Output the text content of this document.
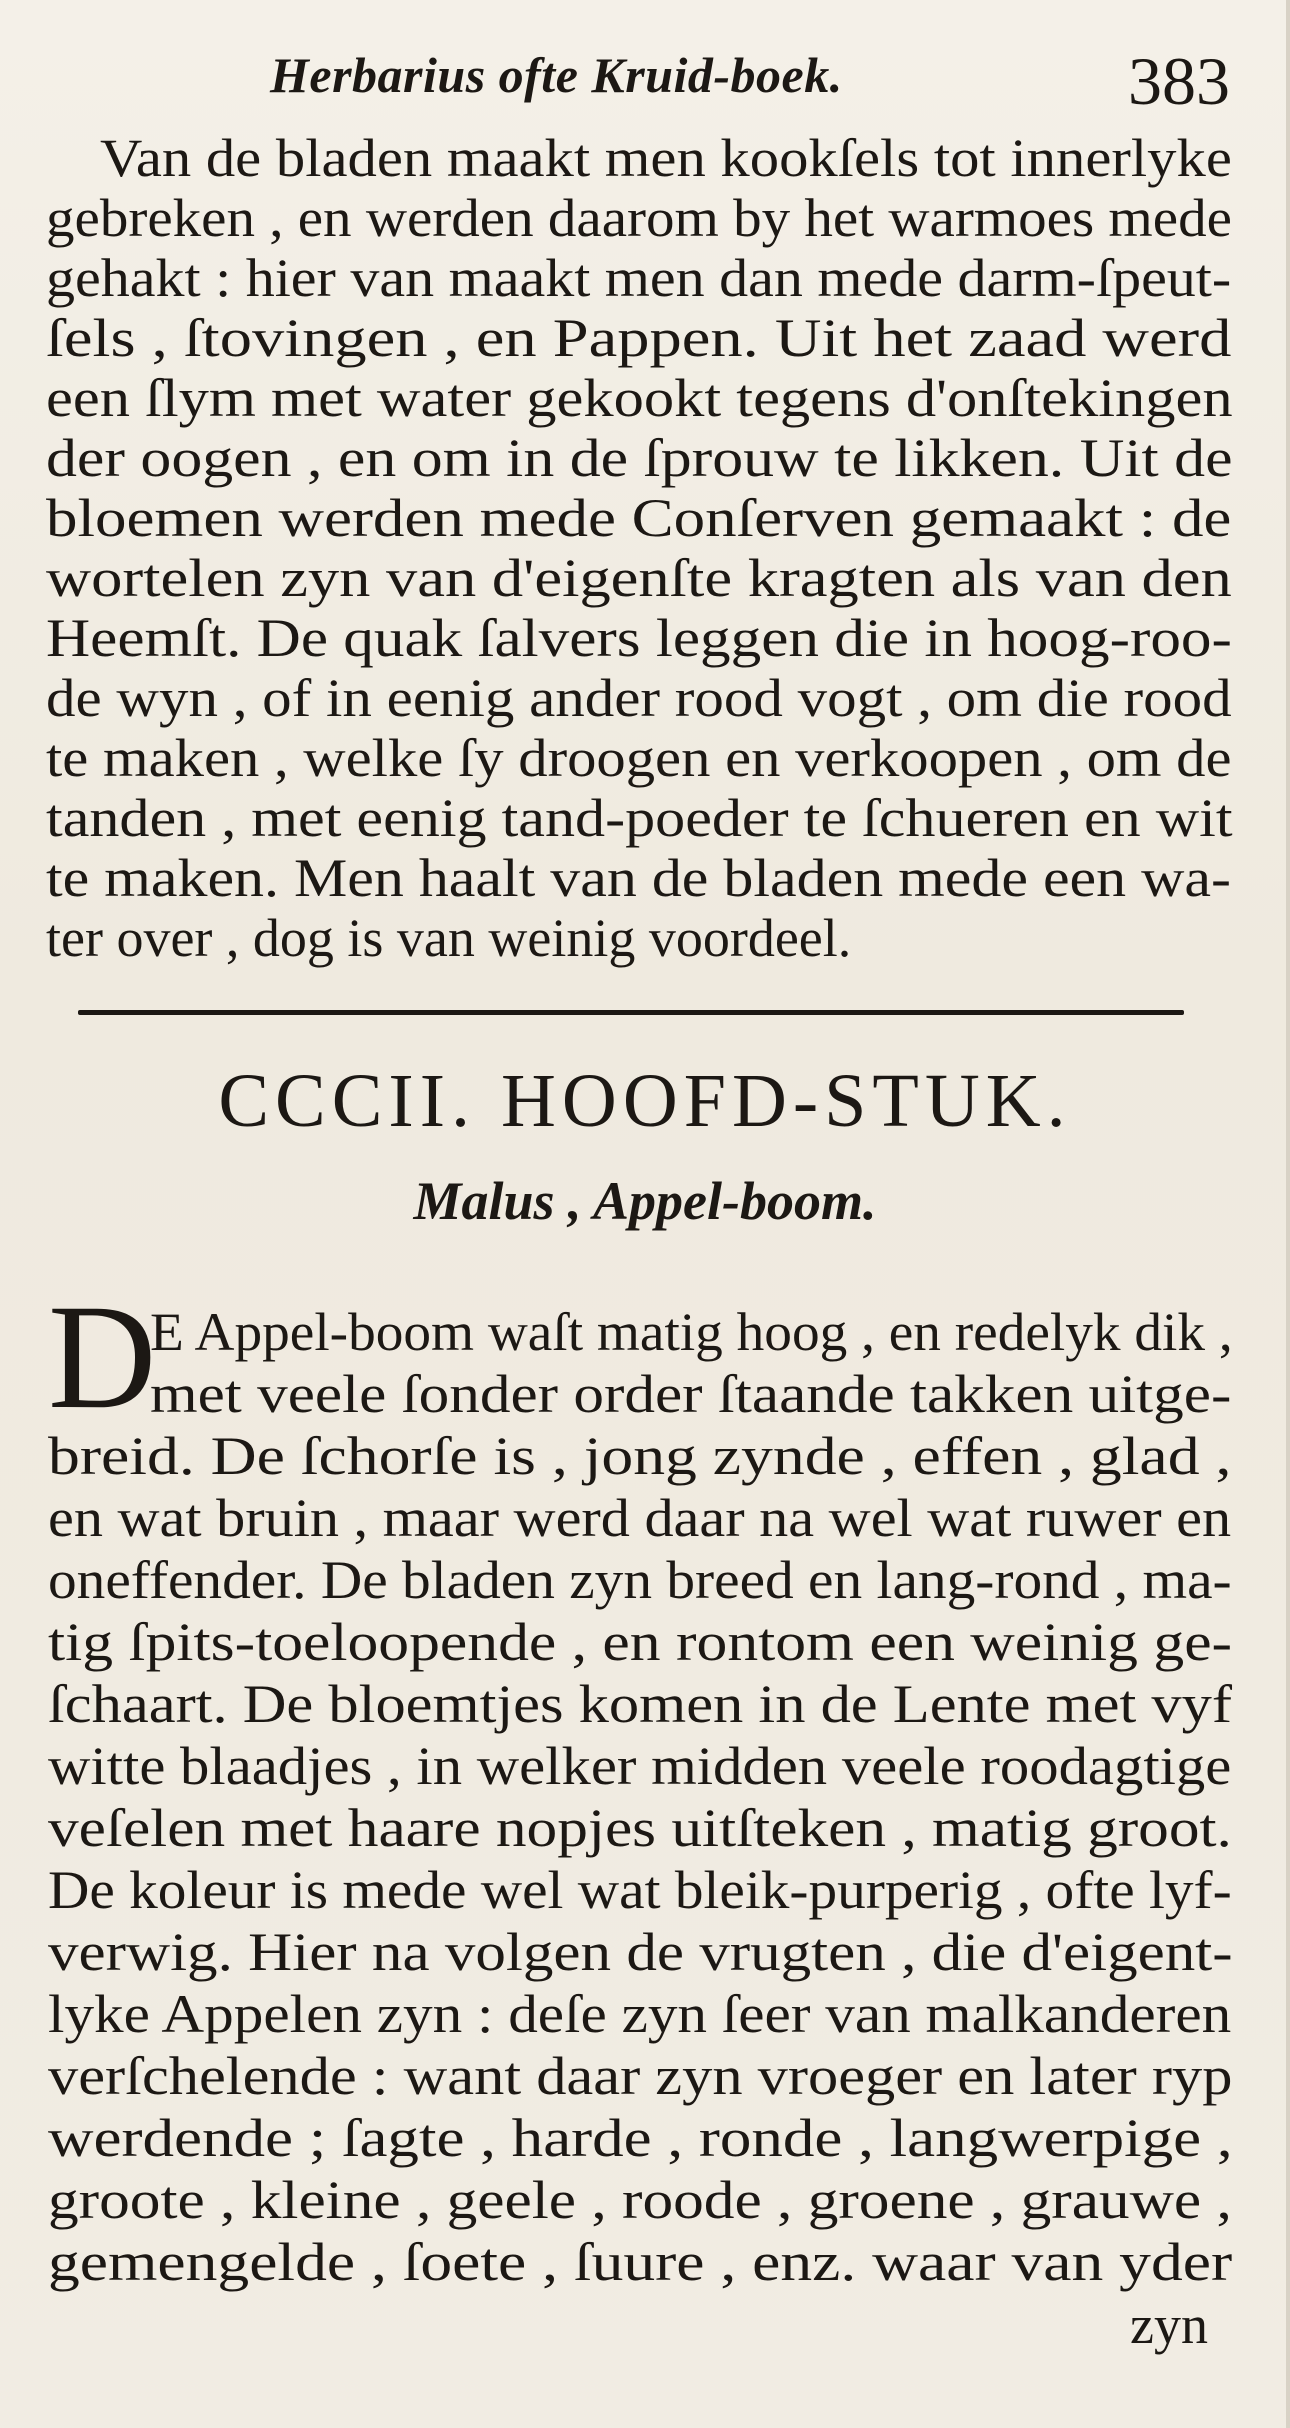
Herbarius ofte Kruid-boek.	383
Van de bladen maakt men kookſels tot innerlyke
gebreken , en werden daarom by het warmoes mede
gehakt : hier van maakt men dan mede darm-ſpeut-
ſels , ſtovingen , en Pappen. Uit het zaad werd
een ſlym met water gekookt tegens d'onſtekingen
der oogen , en om in de ſprouw te likken. Uit de
bloemen werden mede Conſerven gemaakt : de
wortelen zyn van d'eigenſte kragten als van den
Heemſt. De quak ſalvers leggen die in hoog-roo-
de wyn , of in eenig ander rood vogt , om die rood
te maken , welke ſy droogen en verkoopen , om de
tanden , met eenig tand-poeder te ſchueren en wit
te maken. Men haalt van de bladen mede een wa-
ter over , dog is van weinig voordeel.
CCCII. HOOFD-STUK.
Malus , Appel-boom.
D
E Appel-boom waſt matig hoog , en redelyk dik ,
met veele ſonder order ſtaande takken uitge-
breid. De ſchorſe is , jong zynde , effen , glad ,
en wat bruin , maar werd daar na wel wat ruwer en
oneffender. De bladen zyn breed en lang-rond , ma-
tig ſpits-toeloopende , en rontom een weinig ge-
ſchaart. De bloemtjes komen in de Lente met vyf
witte blaadjes , in welker midden veele roodagtige
veſelen met haare nopjes uitſteken , matig groot.
De koleur is mede wel wat bleik-purperig , ofte lyf-
verwig. Hier na volgen de vrugten , die d'eigent-
lyke Appelen zyn : deſe zyn ſeer van malkanderen
verſchelende : want daar zyn vroeger en later ryp
werdende ; ſagte , harde , ronde , langwerpige ,
groote , kleine , geele , roode , groene , grauwe ,
gemengelde , ſoete , ſuure , enz. waar van yder
zyn
